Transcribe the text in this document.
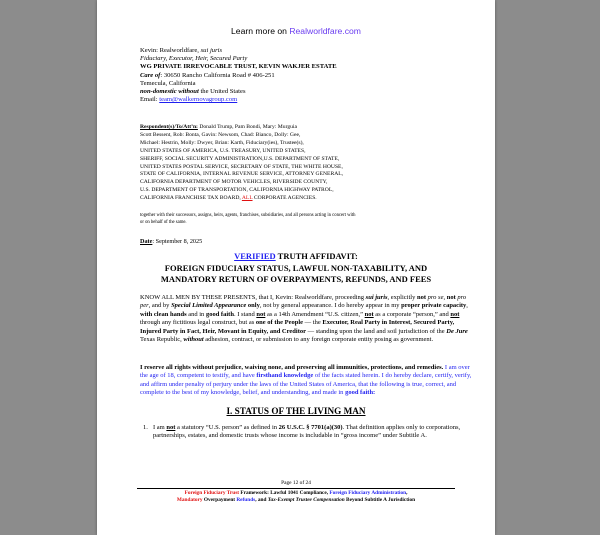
Learn more on Realworldfare.com
Kevin: Realworldfare, sui juris
Fiduciary, Executor, Heir, Secured Party
WG PRIVATE IRREVOCABLE TRUST, KEVIN WAKJER ESTATE
Care of: 30650 Rancho California Road # 406-251
Temecula, California
non-domestic without the United States
Email: team@walkernovagroup.com
Respondent(s)/To/Att’n: Donald Trump, Pam Bondi, Mary: Murguia
Scott Bessent, Rob: Bonta, Gavin: Newsom, Chad: Bianco, Dolly: Gee,
Michael: Hestrin, Molly: Dwyer, Brian: Karth, Fiduciary(ies), Trustee(s),
UNITED STATES OF AMERICA, U.S. TREASURY, UNITED STATES,
SHERIFF, SOCIAL SECURITY ADMINISTRATION,U.S. DEPARTMENT OF STATE,
UNITED STATES POSTAL SERVICE, SECRETARY OF STATE, THE WHITE HOUSE,
STATE OF CALIFORNIA, INTERNAL REVENUE SERVICE, ATTORNEY GENERAL,
CALIFORNIA DEPARTMENT OF MOTOR VEHICLES, RIVERSIDE COUNTY,
U.S. DEPARTMENT OF TRANSPORTATION, CALIFORNIA HIGHWAY PATROL,
CALIFORNIA FRANCHISE TAX BOARD, ALL CORPORATE AGENCIES.
together with their successors, assigns, heirs, agents, franchises, subsidiaries, and all persons acting in concert with
or on behalf of the same.
Date: September 8, 2025
VERIFIED TRUTH AFFIDAVIT:
FOREIGN FIDUCIARY STATUS, LAWFUL NON-TAXABILITY, AND
MANDATORY RETURN OF OVERPAYMENTS, REFUNDS, AND FEES
KNOW ALL MEN BY THESE PRESENTS, that I, Kevin: Realworldfare, proceeding sui juris, explicitly not pro se, not pro per, and by Special Limited Appearance only, not by general appearance. I do hereby appear in my proper private capacity, with clean hands and in good faith. I stand not as a 14th Amendment “U.S. citizen,” not as a corporate “person,” and not through any fictitious legal construct, but as one of the People — the Executor, Real Party in Interest, Secured Party, Injured Party in Fact, Heir, Movant in Equity, and Creditor — standing upon the land and soil jurisdiction of the De Jure Texas Republic, without adhesion, contract, or submission to any foreign corporate entity posing as government.
I reserve all rights without prejudice, waiving none, and preserving all immunities, protections, and remedies. I am over the age of 18, competent to testify, and have firsthand knowledge of the facts stated herein. I do hereby declare, certify, verify, and affirm under penalty of perjury under the laws of the United States of America, that the following is true, correct, and complete to the best of my knowledge, belief, and understanding, and made in good faith:
I. STATUS OF THE LIVING MAN
1. I am not a statutory “U.S. person” as defined in 26 U.S.C. § 7701(a)(30). That definition applies only to corporations, partnerships, estates, and domestic trusts whose income is includable in “gross income” under Subtitle A.
Page 12 of 24
Foreign Fiduciary Trust Framework: Lawful 1041 Compliance, Foreign Fiduciary Administration,
Mandatory Overpayment Refunds, and Tax-Exempt Trustee Compensation Beyond Subtitle A Jurisdiction
